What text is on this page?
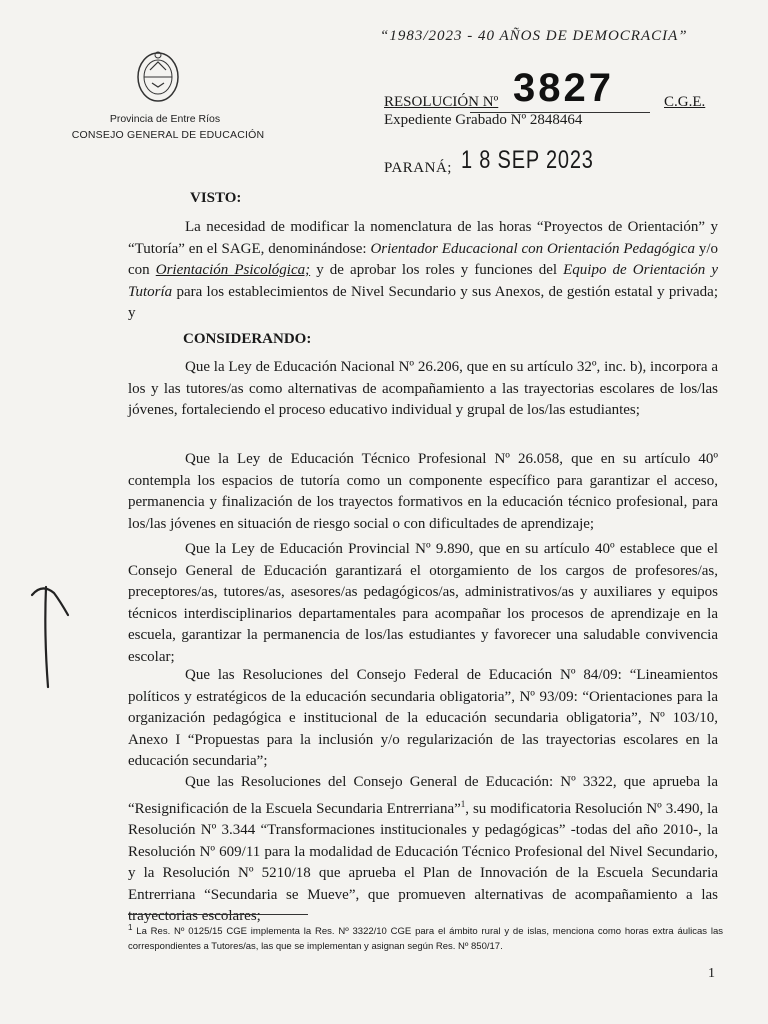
“1983/2023 - 40 AÑOS DE DEMOCRACIA”
Provincia de Entre Ríos
CONSEJO GENERAL DE EDUCACIÓN
RESOLUCIÓN Nº 3827	C.G.E.
Expediente Grabado Nº 2848464
PARANÁ; 1 8 SEP 2023
VISTO:
La necesidad de modificar la nomenclatura de las horas “Proyectos de Orientación” y “Tutoría” en el SAGE, denominándose: Orientador Educacional con Orientación Pedagógica y/o con Orientación Psicológica; y de aprobar los roles y funciones del Equipo de Orientación y Tutoría para los establecimientos de Nivel Secundario y sus Anexos, de gestión estatal y privada; y
CONSIDERANDO:
Que la Ley de Educación Nacional Nº 26.206, que en su artículo 32º, inc. b), incorpora a los y las tutores/as como alternativas de acompañamiento a las trayectorias escolares de los/las jóvenes, fortaleciendo el proceso educativo individual y grupal de los/las estudiantes;
Que la Ley de Educación Técnico Profesional Nº 26.058, que en su artículo 40º contempla los espacios de tutoría como un componente específico para garantizar el acceso, permanencia y finalización de los trayectos formativos en la educación técnico profesional, para los/las jóvenes en situación de riesgo social o con dificultades de aprendizaje;
Que la Ley de Educación Provincial Nº 9.890, que en su artículo 40º establece que el Consejo General de Educación garantizará el otorgamiento de los cargos de profesores/as, preceptores/as, tutores/as, asesores/as pedagógicos/as, administrativos/as y auxiliares y equipos técnicos interdisciplinarios departamentales para acompañar los procesos de aprendizaje en la escuela, garantizar la permanencia de los/las estudiantes y favorecer una saludable convivencia escolar;
Que las Resoluciones del Consejo Federal de Educación Nº 84/09: “Lineamientos políticos y estratégicos de la educación secundaria obligatoria”, Nº 93/09: “Orientaciones para la organización pedagógica e institucional de la educación secundaria obligatoria”, Nº 103/10, Anexo I “Propuestas para la inclusión y/o regularización de las trayectorias escolares en la educación secundaria”;
Que las Resoluciones del Consejo General de Educación: Nº 3322, que aprueba la “Resignificación de la Escuela Secundaria Entrerriana”$^1$, su modificatoria Resolución Nº 3.490, la Resolución Nº 3.344 “Transformaciones institucionales y pedagógicas” -todas del año 2010-, la Resolución Nº 609/11 para la modalidad de Educación Técnico Profesional del Nivel Secundario, y la Resolución Nº 5210/18 que aprueba el Plan de Innovación de la Escuela Secundaria Entrerriana “Secundaria se Mueve”, que promueven alternativas de acompañamiento a las trayectorias escolares;
$^1$ La Res. Nº 0125/15 CGE implementa la Res. Nº 3322/10 CGE para el ámbito rural y de islas, menciona como horas extra áulicas las correspondientes a Tutores/as, las que se implementan y asignan según Res. Nº 850/17.
1
